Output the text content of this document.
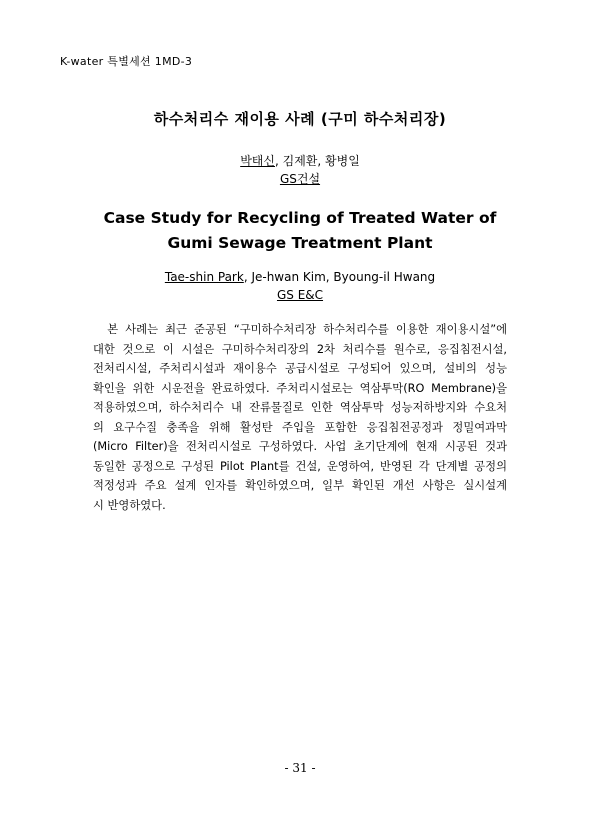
K-water 특별세션 1MD-3
하수처리수 재이용 사례 (구미 하수처리장)
박태신, 김제환, 황병일
GS건설
Case Study for Recycling of Treated Water of
Gumi Sewage Treatment Plant
Tae-shin Park, Je-hwan Kim, Byoung-il Hwang
GS E&C
본 사례는 최근 준공된 “구미하수처리장 하수처리수를 이용한 재이용시설”에
대한 것으로 이 시설은 구미하수처리장의 2차 처리수를 원수로, 응집침전시설,
전처리시설, 주처리시설과 재이용수 공급시설로 구성되어 있으며, 설비의 성능
확인을 위한 시운전을 완료하였다. 주처리시설로는 역삼투막(RO Membrane)을
적용하였으며, 하수처리수 내 잔류물질로 인한 역삼투막 성능저하방지와 수요처
의 요구수질 충족을 위해 활성탄 주입을 포함한 응집침전공정과 정밀여과막
(Micro Filter)을 전처리시설로 구성하였다. 사업 초기단계에 현재 시공된 것과
동일한 공정으로 구성된 Pilot Plant를 건설, 운영하여, 반영된 각 단계별 공정의
적정성과 주요 설계 인자를 확인하였으며, 일부 확인된 개선 사항은 실시설계
시 반영하였다.
- 31 -
